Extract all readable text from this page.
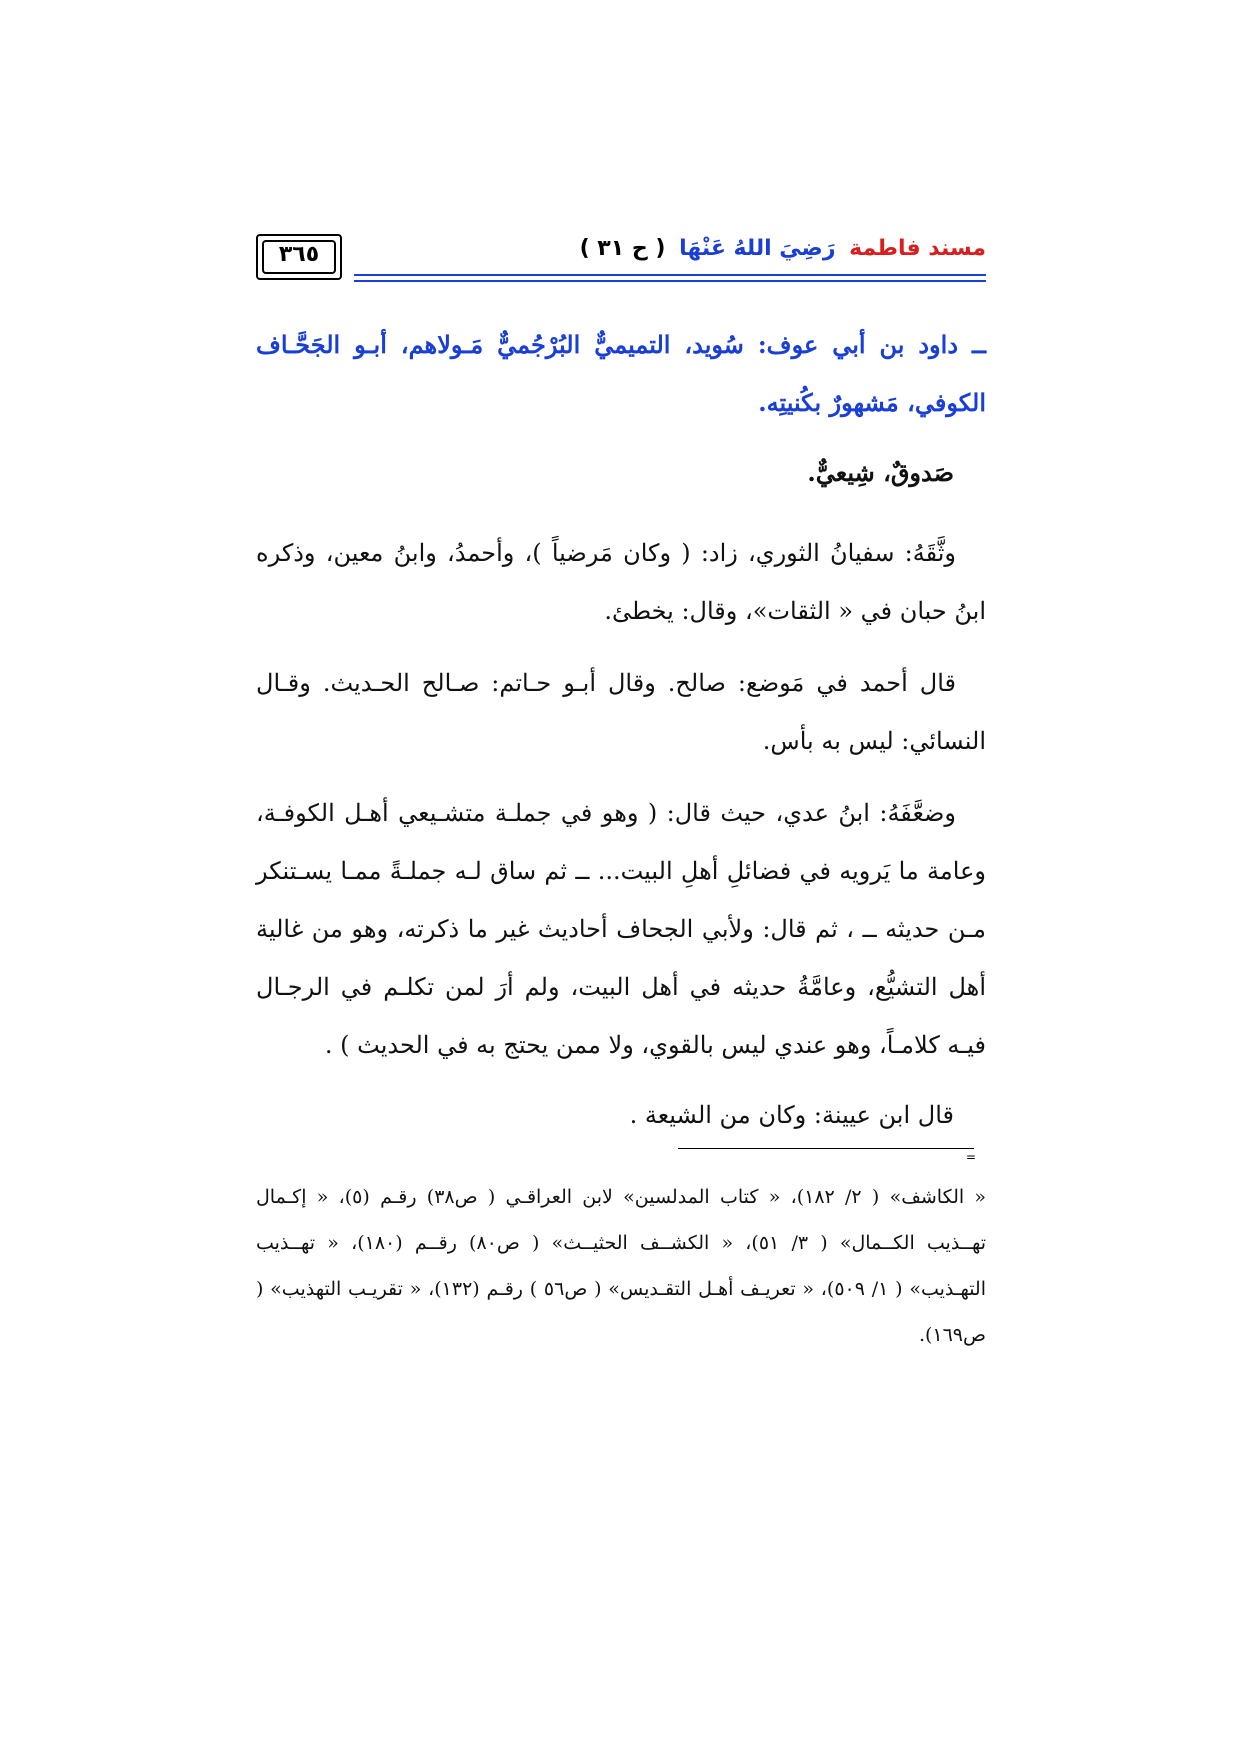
٣٦٥	مسند فاطمة رَضِيَ اللهُ عَنْهَا ( ح ٣١ )
ــ داود بن أبي عوف: سُويد، التميميٌّ البُرْجُميٌّ مَـولاهم، أبـو الجَحَّـاف الكوفي، مَشهورٌ بكُنيتِه.
صَدوقٌ، شِيعيٌّ.
وثَّقَهُ: سفيانُ الثوري، زاد: ( وكان مَرضياً )، وأحمدُ، وابنُ معين، وذكره ابنُ حبان في « الثقات»، وقال: يخطئ.
قال أحمد في مَوضع: صالح. وقال أبـو حـاتم: صـالح الحـديث. وقـال النسائي: ليس به بأس.
وضعَّفَهُ: ابنُ عدي، حيث قال: ( وهو في جملـة متشـيعي أهـل الكوفـة، وعامة ما يَرويه في فضائلِ أهلِ البيت... ــ ثم ساق لـه جملـةً ممـا يسـتنكر مـن حديثه ــ ، ثم قال: ولأبي الجحاف أحاديث غير ما ذكرته، وهو من غالية أهل التشيُّع، وعامَّةُ حديثه في أهل البيت، ولم أرَ لمن تكلـم في الرجـال فيـه كلامـاً، وهو عندي ليس بالقوي، ولا ممن يحتج به في الحديث ) .
قال ابن عيينة: وكان من الشيعة .
=
« الكاشف» ( ٢/ ١٨٢)، « كتاب المدلسين» لابن العراقـي ( ص٣٨) رقـم (٥)، « إكـمال تهــذيب الكــمال» ( ٣/ ٥١)، « الكشــف الحثيــث» ( ص٨٠) رقــم (١٨٠)، « تهــذيب التهـذيب» ( ١/ ٥٠٩)، « تعريـف أهـل التقـديس» ( ص٥٦ ) رقـم (١٣٢)، « تقريـب التهذيب» ( ص١٦٩).
